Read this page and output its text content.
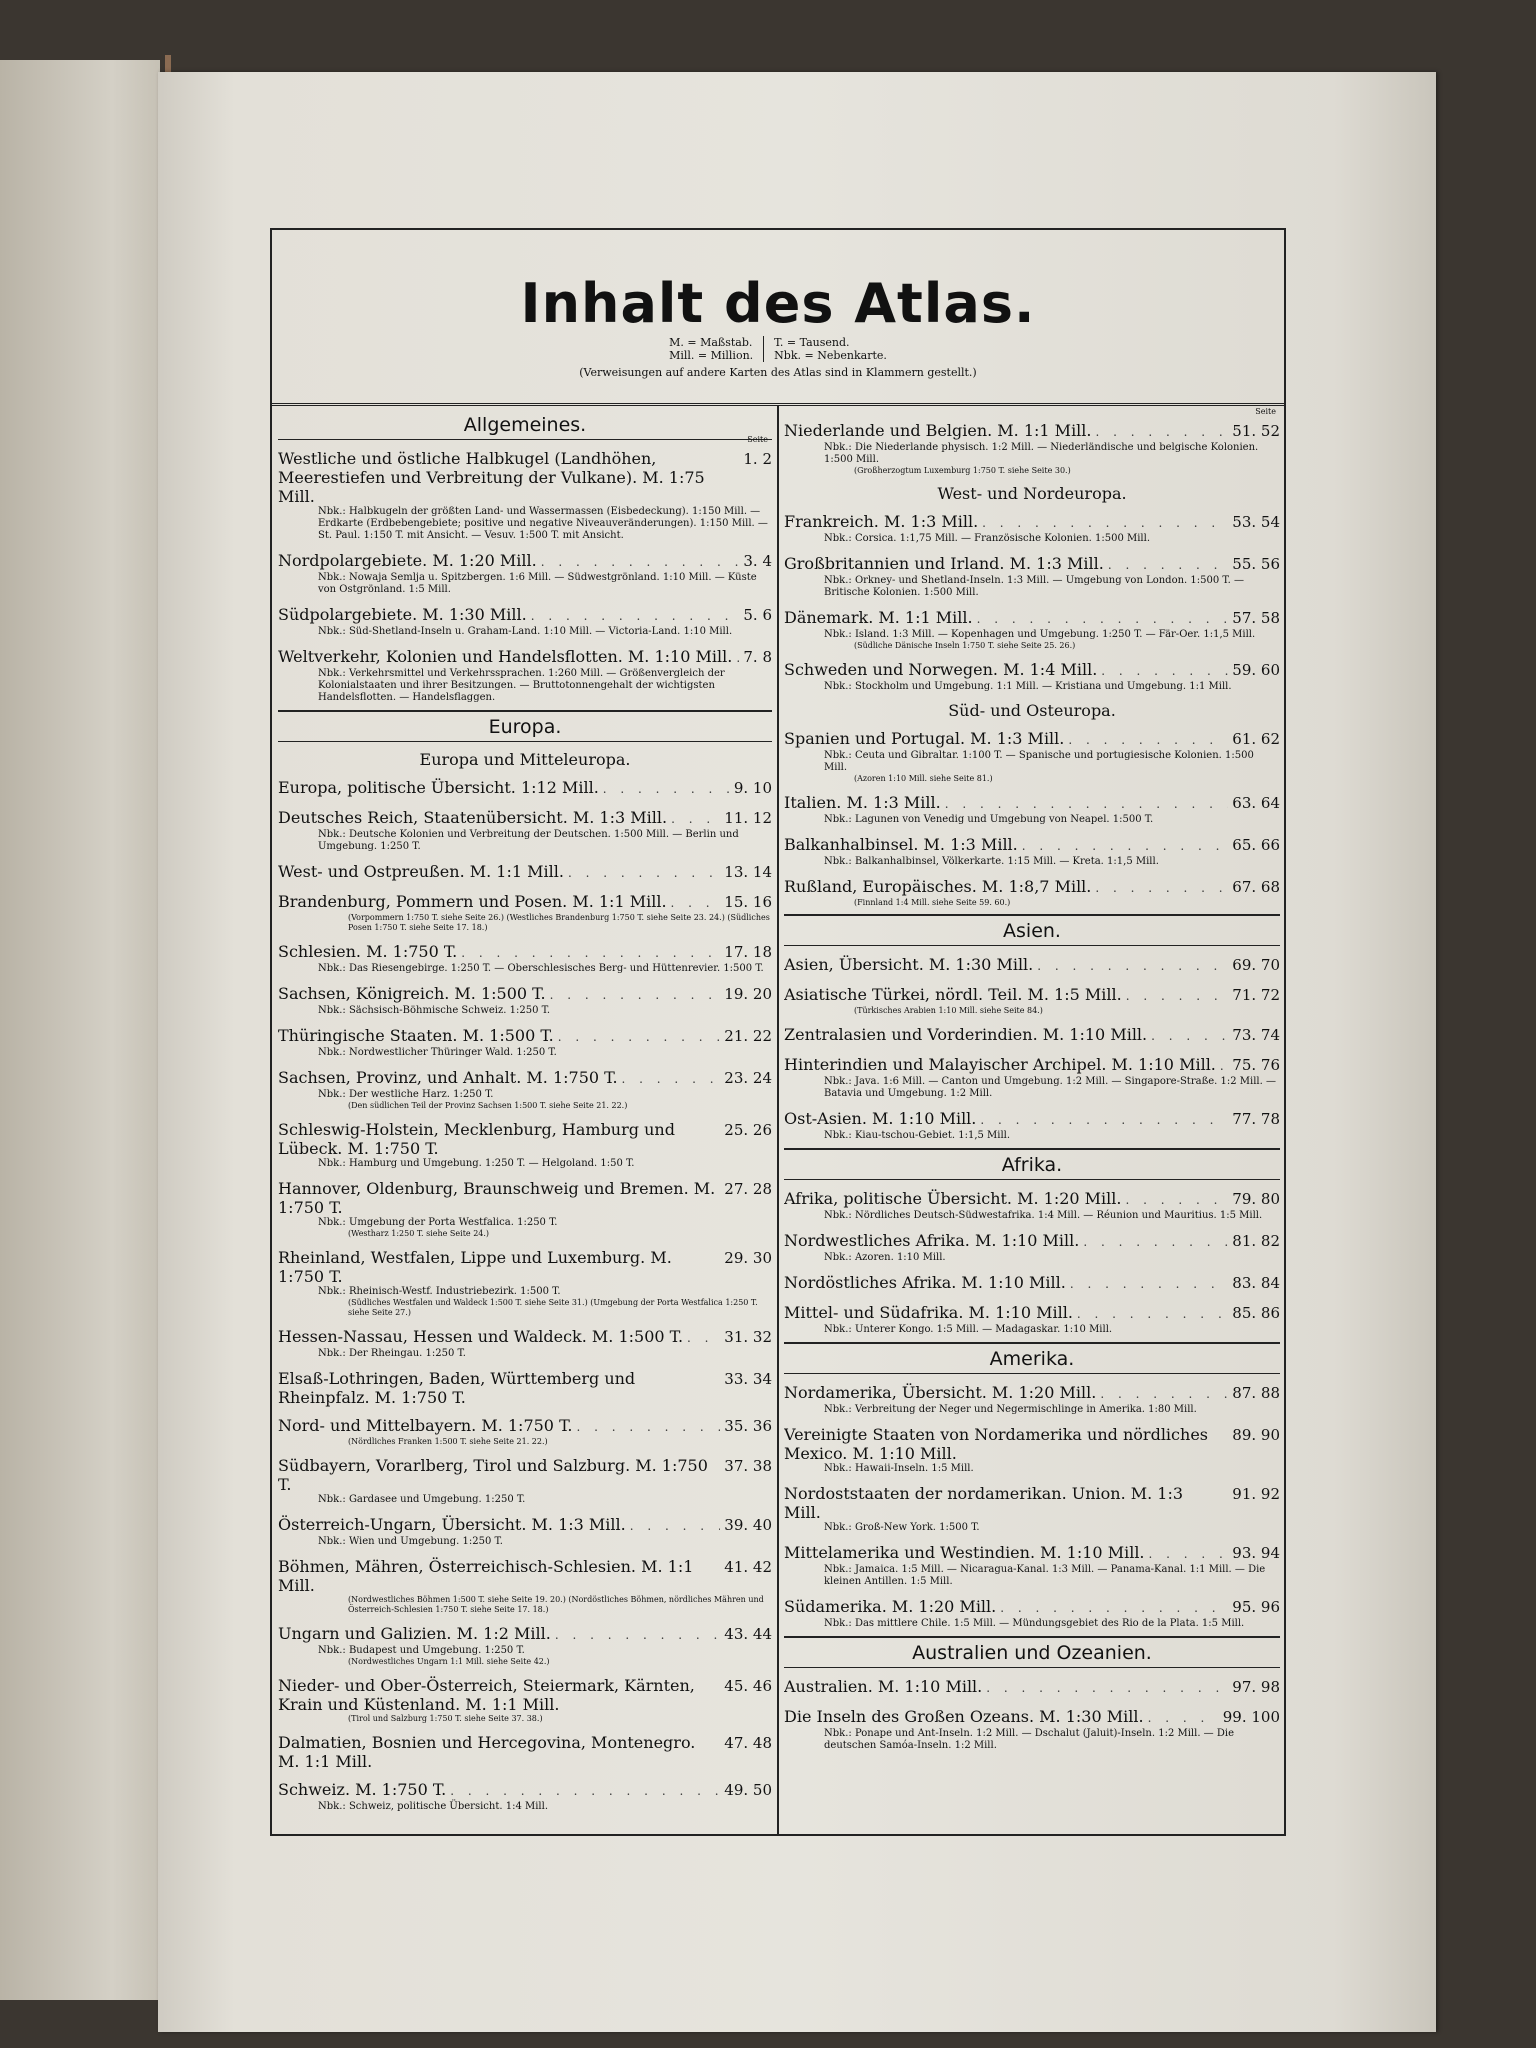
Inhalt des Atlas.
M. = Maßstab.
Mill. = Million.
T. = Tausend.
Nbk. = Nebenkarte.
(Verweisungen auf andere Karten des Atlas sind in Klammern gestellt.)
Allgemeines.
Seite
Westliche und östliche Halbkugel (Landhöhen, Meerestiefen und Verbreitung der Vulkane). M. 1:75 Mill.
1. 2
Nbk.: Halbkugeln der größten Land- und Wassermassen (Eisbedeckung). 1:150 Mill. — Erdkarte (Erdbebengebiete; positive und negative Niveauveränderungen). 1:150 Mill. — St. Paul. 1:150 T. mit Ansicht. — Vesuv. 1:500 T. mit Ansicht.
Nordpolargebiete. M. 1:20 Mill. . . .	3. 4
Nbk.: Nowaja Semlja u. Spitzbergen. 1:6 Mill. — Südwestgrönland. 1:10 Mill. — Küste von Ostgrönland. 1:5 Mill.
Südpolargebiete. M. 1:30 Mill. . . .	5. 6
Nbk.: Süd-Shetland-Inseln u. Graham-Land. 1:10 Mill. — Victoria-Land. 1:10 Mill.
Weltverkehr, Kolonien und Handelsflotten. M. 1:10 Mill. . . . 7. 8
Nbk.: Verkehrsmittel und Verkehrssprachen. 1:260 Mill. — Größenvergleich der Kolonialstaaten und ihrer Besitzungen. — Bruttotonnengehalt der wichtigsten Handelsflotten. — Handelsflaggen.
Europa.
Europa und Mitteleuropa.
Europa, politische Übersicht. 1:12 Mill. . . .	9. 10
Deutsches Reich, Staatenübersicht. M. 1:3 Mill. . . .	11. 12
Nbk.: Deutsche Kolonien und Verbreitung der Deutschen. 1:500 Mill. — Berlin und Umgebung. 1:250 T.
West- und Ostpreußen. M. 1:1 Mill. . . .	13. 14
Brandenburg, Pommern und Posen. M. 1:1 Mill. . . .	15. 16
(Vorpommern 1:750 T. siehe Seite 26.) (Westliches Brandenburg 1:750 T. siehe Seite 23. 24.) (Südliches Posen 1:750 T. siehe Seite 17. 18.)
Schlesien. M. 1:750 T. . . .	17. 18
Nbk.: Das Riesengebirge. 1:250 T. — Oberschlesisches Berg- und Hüttenrevier. 1:500 T.
Sachsen, Königreich. M. 1:500 T. . . .	19. 20
Nbk.: Sächsisch-Böhmische Schweiz. 1:250 T.
Thüringische Staaten. M. 1:500 T. . . .	21. 22
Nbk.: Nordwestlicher Thüringer Wald. 1:250 T.
Sachsen, Provinz, und Anhalt. M. 1:750 T. . . .	23. 24
Nbk.: Der westliche Harz. 1:250 T.
(Den südlichen Teil der Provinz Sachsen 1:500 T. siehe Seite 21. 22.)
Schleswig-Holstein, Mecklenburg, Hamburg und Lübeck. M. 1:750 T.
25. 26
Nbk.: Hamburg und Umgebung. 1:250 T. — Helgoland. 1:50 T.
Hannover, Oldenburg, Braunschweig und Bremen. M. 1:750 T.
27. 28
Nbk.: Umgebung der Porta Westfalica. 1:250 T.
(Westharz 1:250 T. siehe Seite 24.)
Rheinland, Westfalen, Lippe und Luxemburg. M. 1:750 T.
29. 30
Nbk.: Rheinisch-Westf. Industriebezirk. 1:500 T.
(Südliches Westfalen und Waldeck 1:500 T. siehe Seite 31.) (Umgebung der Porta Westfalica 1:250 T. siehe Seite 27.)
Hessen-Nassau, Hessen und Waldeck. M. 1:500 T. . . .	31. 32
Nbk.: Der Rheingau. 1:250 T.
Elsaß-Lothringen, Baden, Württemberg und Rheinpfalz. M. 1:750 T.
33. 34
Nord- und Mittelbayern. M. 1:750 T. . . .	35. 36
(Nördliches Franken 1:500 T. siehe Seite 21. 22.)
Südbayern, Vorarlberg, Tirol und Salzburg. M. 1:750 T.
37. 38
Nbk.: Gardasee und Umgebung. 1:250 T.
Österreich-Ungarn, Übersicht. M. 1:3 Mill. . . .	39. 40
Nbk.: Wien und Umgebung. 1:250 T.
Böhmen, Mähren, Österreichisch-Schlesien. M. 1:1 Mill.
41. 42
(Nordwestliches Böhmen 1:500 T. siehe Seite 19. 20.) (Nordöstliches Böhmen, nördliches Mähren und Österreich-Schlesien 1:750 T. siehe Seite 17. 18.)
Ungarn und Galizien. M. 1:2 Mill. . . .	43. 44
Nbk.: Budapest und Umgebung. 1:250 T.
(Nordwestliches Ungarn 1:1 Mill. siehe Seite 42.)
Nieder- und Ober-Österreich, Steiermark, Kärnten, Krain und Küstenland. M. 1:1 Mill.
45. 46
(Tirol und Salzburg 1:750 T. siehe Seite 37. 38.)
Dalmatien, Bosnien und Hercegovina, Montenegro. M. 1:1 Mill.
47. 48
Schweiz. M. 1:750 T. . . .	49. 50
Nbk.: Schweiz, politische Übersicht. 1:4 Mill.
Seite
Niederlande und Belgien. M. 1:1 Mill. . . .	51. 52
Nbk.: Die Niederlande physisch. 1:2 Mill. — Niederländische und belgische Kolonien. 1:500 Mill.
(Großherzogtum Luxemburg 1:750 T. siehe Seite 30.)
West- und Nordeuropa.
Frankreich. M. 1:3 Mill. . . .	53. 54
Nbk.: Corsica. 1:1,75 Mill. — Französische Kolonien. 1:500 Mill.
Großbritannien und Irland. M. 1:3 Mill. . . .	55. 56
Nbk.: Orkney- und Shetland-Inseln. 1:3 Mill. — Umgebung von London. 1:500 T. — Britische Kolonien. 1:500 Mill.
Dänemark. M. 1:1 Mill. . . .	57. 58
Nbk.: Island. 1:3 Mill. — Kopenhagen und Umgebung. 1:250 T. — Fär-Oer. 1:1,5 Mill.
(Südliche Dänische Inseln 1:750 T. siehe Seite 25. 26.)
Schweden und Norwegen. M. 1:4 Mill. . . .	59. 60
Nbk.: Stockholm und Umgebung. 1:1 Mill. — Kristiana und Umgebung. 1:1 Mill.
Süd- und Osteuropa.
Spanien und Portugal. M. 1:3 Mill. . . .	61. 62
Nbk.: Ceuta und Gibraltar. 1:100 T. — Spanische und portugiesische Kolonien. 1:500 Mill.
(Azoren 1:10 Mill. siehe Seite 81.)
Italien. M. 1:3 Mill. . . .	63. 64
Nbk.: Lagunen von Venedig und Umgebung von Neapel. 1:500 T.
Balkanhalbinsel. M. 1:3 Mill. . . .	65. 66
Nbk.: Balkanhalbinsel, Völkerkarte. 1:15 Mill. — Kreta. 1:1,5 Mill.
Rußland, Europäisches. M. 1:8,7 Mill. . . .	67. 68
(Finnland 1:4 Mill. siehe Seite 59. 60.)
Asien.
Asien, Übersicht. M. 1:30 Mill. . . .	69. 70
Asiatische Türkei, nördl. Teil. M. 1:5 Mill. . . .	71. 72
(Türkisches Arabien 1:10 Mill. siehe Seite 84.)
Zentralasien und Vorderindien. M. 1:10 Mill. . . .	73. 74
Hinterindien und Malayischer Archipel. M. 1:10 Mill. . . . 75. 76
Nbk.: Java. 1:6 Mill. — Canton und Umgebung. 1:2 Mill. — Singapore-Straße. 1:2 Mill. — Batavia und Umgebung. 1:2 Mill.
Ost-Asien. M. 1:10 Mill. . . .	77. 78
Nbk.: Kiau-tschou-Gebiet. 1:1,5 Mill.
Afrika.
Afrika, politische Übersicht. M. 1:20 Mill. . . .	79. 80
Nbk.: Nördliches Deutsch-Südwestafrika. 1:4 Mill. — Réunion und Mauritius. 1:5 Mill.
Nordwestliches Afrika. M. 1:10 Mill. . . .	81. 82
Nbk.: Azoren. 1:10 Mill.
Nordöstliches Afrika. M. 1:10 Mill. . . .	83. 84
Mittel- und Südafrika. M. 1:10 Mill. . . .	85. 86
Nbk.: Unterer Kongo. 1:5 Mill. — Madagaskar. 1:10 Mill.
Amerika.
Nordamerika, Übersicht. M. 1:20 Mill. . . .	87. 88
Nbk.: Verbreitung der Neger und Negermischlinge in Amerika. 1:80 Mill.
Vereinigte Staaten von Nordamerika und nördliches Mexico. M. 1:10 Mill.
89. 90
Nbk.: Hawaii-Inseln. 1:5 Mill.
Nordoststaaten der nordamerikan. Union. M. 1:3 Mill.
91. 92
Nbk.: Groß-New York. 1:500 T.
Mittelamerika und Westindien. M. 1:10 Mill. . . .	93. 94
Nbk.: Jamaica. 1:5 Mill. — Nicaragua-Kanal. 1:3 Mill. — Panama-Kanal. 1:1 Mill. — Die kleinen Antillen. 1:5 Mill.
Südamerika. M. 1:20 Mill. . . .	95. 96
Nbk.: Das mittlere Chile. 1:5 Mill. — Mündungsgebiet des Rio de la Plata. 1:5 Mill.
Australien und Ozeanien.
Australien. M. 1:10 Mill. . . .	97. 98
Die Inseln des Großen Ozeans. M. 1:30 Mill. . . .	99. 100
Nbk.: Ponape und Ant-Inseln. 1:2 Mill. — Dschalut (Jaluit)-Inseln. 1:2 Mill. — Die deutschen Samóa-Inseln. 1:2 Mill.
